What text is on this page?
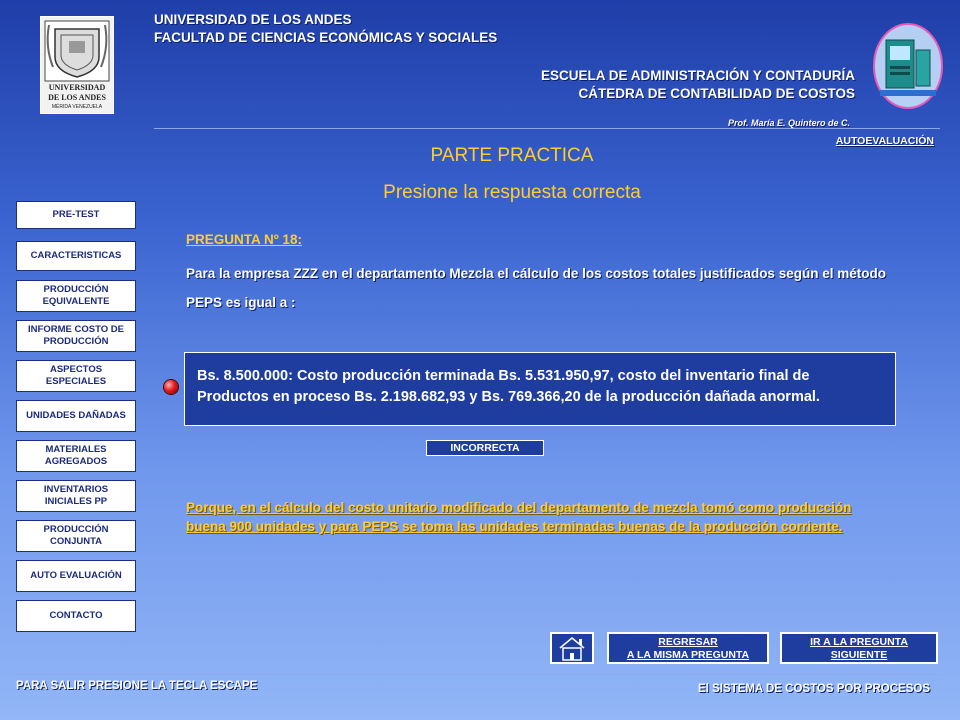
UNIVERSIDAD
DE LOS ANDES
MÉRIDA VENEZUELA
UNIVERSIDAD DE LOS ANDES
FACULTAD DE CIENCIAS ECONÓMICAS Y SOCIALES
ESCUELA DE ADMINISTRACIÓN Y CONTADURÍA
CÁTEDRA DE CONTABILIDAD DE COSTOS
Prof. María E. Quintero de C.
AUTOEVALUACIÓN
PARTE PRACTICA
Presione la respuesta correcta
PRE-TEST
CARACTERISTICAS
PRODUCCIÓN EQUIVALENTE
INFORME COSTO DE PRODUCCIÓN
ASPECTOS ESPECIALES
UNIDADES DAÑADAS
MATERIALES AGREGADOS
INVENTARIOS INICIALES PP
PRODUCCIÓN CONJUNTA
AUTO EVALUACIÓN
CONTACTO
PREGUNTA Nº 18:
Para la empresa ZZZ en el departamento Mezcla el cálculo de los costos totales justificados según el método PEPS es igual a :
Bs. 8.500.000: Costo producción terminada Bs. 5.531.950,97, costo del inventario final de Productos en proceso Bs. 2.198.682,93 y Bs. 769.366,20 de la producción dañada anormal.
INCORRECTA
Porque, en el cálculo del costo unitario modificado del departamento de mezcla tomó como producción buena 900 unidades y para PEPS se toma las unidades terminadas buenas de la producción corriente.
REGRESAR
A LA MISMA PREGUNTA
IR A LA PREGUNTA
SIGUIENTE
PARA SALIR PRESIONE LA TECLA ESCAPE	El SISTEMA DE COSTOS POR PROCESOS
